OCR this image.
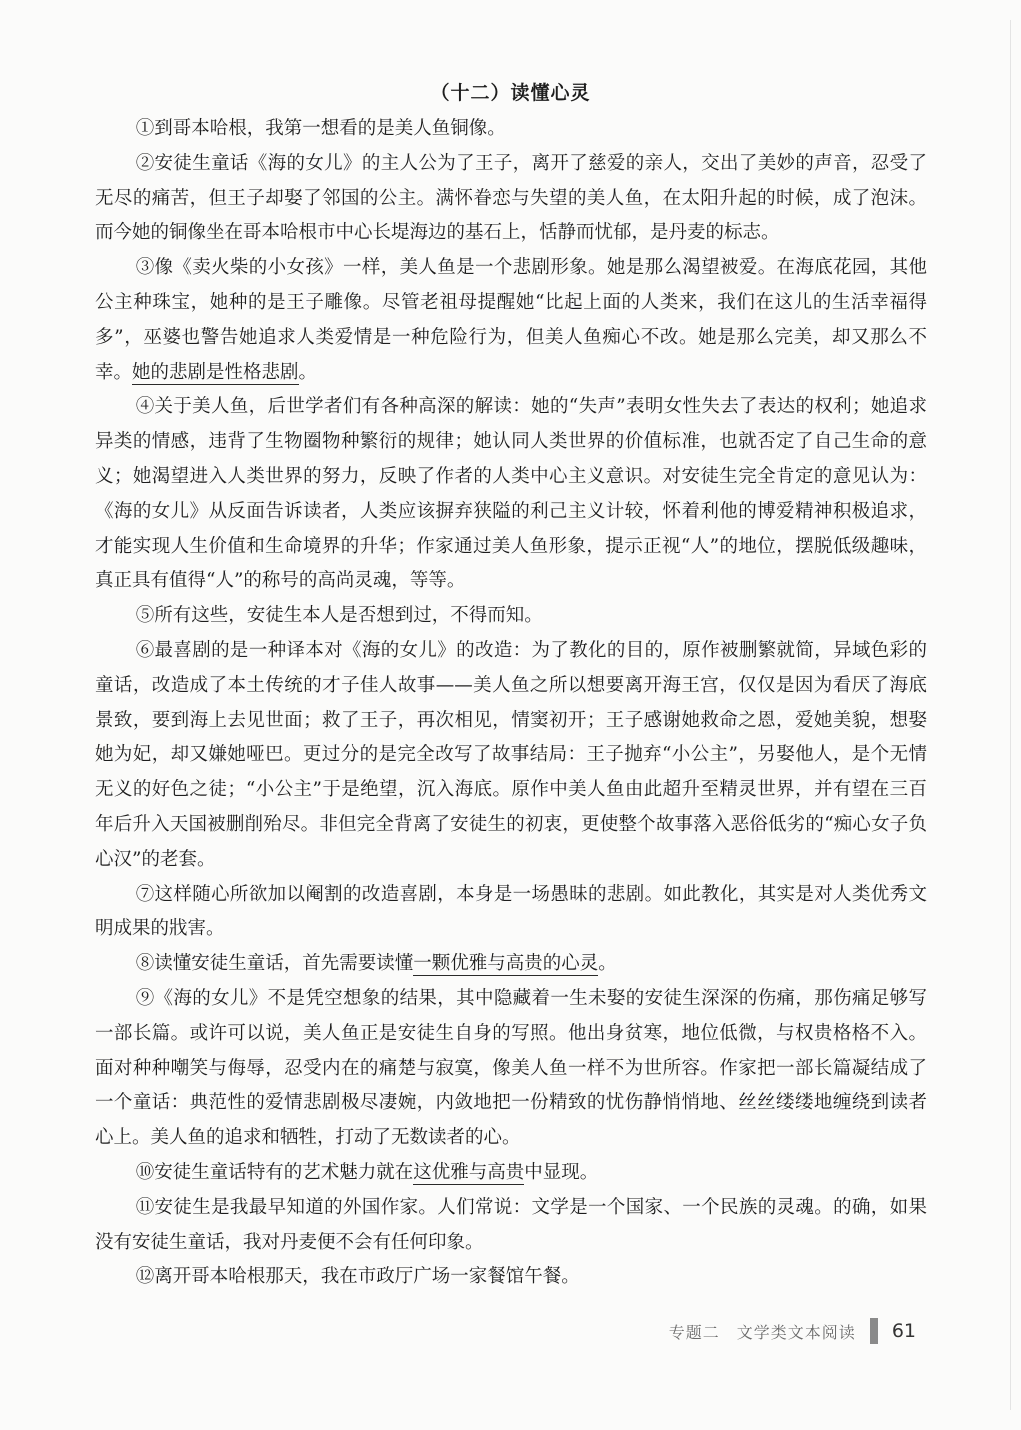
（十二）读懂心灵

①到哥本哈根，我第一想看的是美人鱼铜像。

②安徒生童话《海的女儿》的主人公为了王子，离开了慈爱的亲人，交出了美妙的声音，忍受了无尽的痛苦，但王子却娶了邻国的公主。满怀眷恋与失望的美人鱼，在太阳升起的时候，成了泡沫。而今她的铜像坐在哥本哈根市中心长堤海边的基石上，恬静而忧郁，是丹麦的标志。

③像《卖火柴的小女孩》一样，美人鱼是一个悲剧形象。她是那么渴望被爱。在海底花园，其他公主种珠宝，她种的是王子雕像。尽管老祖母提醒她“比起上面的人类来，我们在这儿的生活幸福得多”，巫婆也警告她追求人类爱情是一种危险行为，但美人鱼痴心不改。她是那么完美，却又那么不幸。她的悲剧是性格悲剧。

④关于美人鱼，后世学者们有各种高深的解读：她的“失声”表明女性失去了表达的权利；她追求异类的情感，违背了生物圈物种繁衍的规律；她认同人类世界的价值标准，也就否定了自己生命的意义；她渴望进入人类世界的努力，反映了作者的人类中心主义意识。对安徒生完全肯定的意见认为：《海的女儿》从反面告诉读者，人类应该摒弃狭隘的利己主义计较，怀着利他的博爱精神积极追求，才能实现人生价值和生命境界的升华；作家通过美人鱼形象，提示正视“人”的地位，摆脱低级趣味，真正具有值得“人”的称号的高尚灵魂，等等。

⑤所有这些，安徒生本人是否想到过，不得而知。

⑥最喜剧的是一种译本对《海的女儿》的改造：为了教化的目的，原作被删繁就简，异域色彩的童话，改造成了本土传统的才子佳人故事——美人鱼之所以想要离开海王宫，仅仅是因为看厌了海底景致，要到海上去见世面；救了王子，再次相见，情窦初开；王子感谢她救命之恩，爱她美貌，想娶她为妃，却又嫌她哑巴。更过分的是完全改写了故事结局：王子抛弃“小公主”，另娶他人，是个无情无义的好色之徒；“小公主”于是绝望，沉入海底。原作中美人鱼由此超升至精灵世界，并有望在三百年后升入天国被删削殆尽。非但完全背离了安徒生的初衷，更使整个故事落入恶俗低劣的“痴心女子负心汉”的老套。

⑦这样随心所欲加以阉割的改造喜剧，本身是一场愚昧的悲剧。如此教化，其实是对人类优秀文明成果的戕害。

⑧读懂安徒生童话，首先需要读懂一颗优雅与高贵的心灵。

⑨《海的女儿》不是凭空想象的结果，其中隐藏着一生未娶的安徒生深深的伤痛，那伤痛足够写一部长篇。或许可以说，美人鱼正是安徒生自身的写照。他出身贫寒，地位低微，与权贵格格不入。面对种种嘲笑与侮辱，忍受内在的痛楚与寂寞，像美人鱼一样不为世所容。作家把一部长篇凝结成了一个童话：典范性的爱情悲剧极尽凄婉，内敛地把一份精致的忧伤静悄悄地、丝丝缕缕地缠绕到读者心上。美人鱼的追求和牺牲，打动了无数读者的心。

⑩安徒生童话特有的艺术魅力就在这优雅与高贵中显现。

⑪安徒生是我最早知道的外国作家。人们常说：文学是一个国家、一个民族的灵魂。的确，如果没有安徒生童话，我对丹麦便不会有任何印象。

⑫离开哥本哈根那天，我在市政厅广场一家餐馆午餐。

专题二　文学类文本阅读 61
